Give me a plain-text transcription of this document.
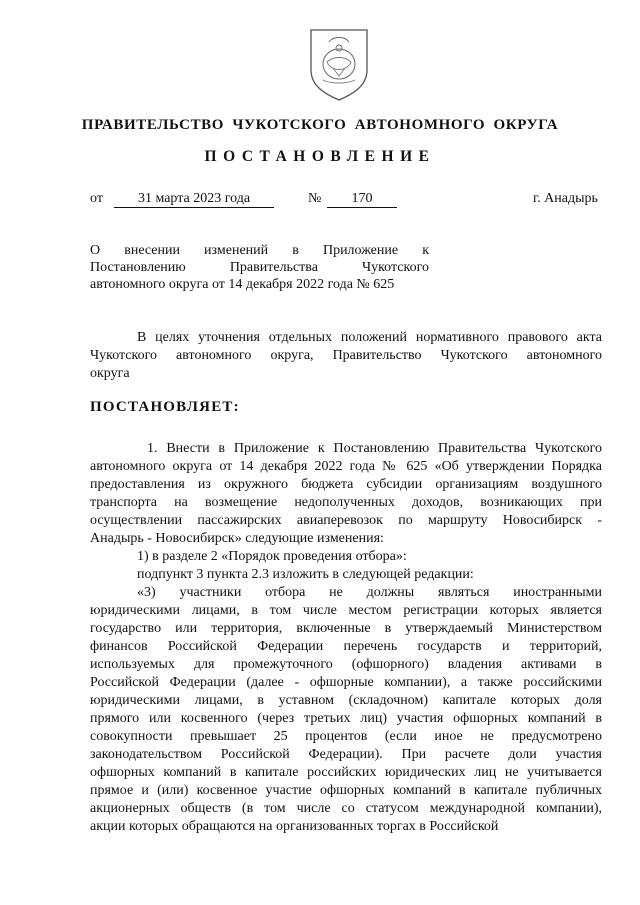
ПРАВИТЕЛЬСТВО ЧУКОТСКОГО АВТОНОМНОГО ОКРУГА
ПОСТАНОВЛЕНИЕ
от	31 марта 2023 года	№	170	г. Анадырь
О внесении изменений в Приложение к
Постановлению Правительства Чукотского
автономного округа от 14 декабря 2022 года № 625
В целях уточнения отдельных положений нормативного правового акта
Чукотского автономного округа, Правительство Чукотского автономного
округа
ПОСТАНОВЛЯЕТ:
1. Внести в Приложение к Постановлению Правительства Чукотского
автономного округа от 14 декабря 2022 года № 625 «Об утверждении Порядка
предоставления из окружного бюджета субсидии организациям воздушного
транспорта на возмещение недополученных доходов, возникающих при
осуществлении пассажирских авиаперевозок по маршруту Новосибирск -
Анадырь - Новосибирск» следующие изменения:
1) в разделе 2 «Порядок проведения отбора»:
подпункт 3 пункта 2.3 изложить в следующей редакции:
«3) участники отбора не должны являться иностранными
юридическими лицами, в том числе местом регистрации которых является
государство или территория, включенные в утверждаемый Министерством
финансов Российской Федерации перечень государств и территорий,
используемых для промежуточного (офшорного) владения активами в
Российской Федерации (далее - офшорные компании), а также российскими
юридическими лицами, в уставном (складочном) капитале которых доля
прямого или косвенного (через третьих лиц) участия офшорных компаний в
совокупности превышает 25 процентов (если иное не предусмотрено
законодательством Российской Федерации). При расчете доли участия
офшорных компаний в капитале российских юридических лиц не учитывается
прямое и (или) косвенное участие офшорных компаний в капитале публичных
акционерных обществ (в том числе со статусом международной компании),
акции которых обращаются на организованных торгах в Российской
